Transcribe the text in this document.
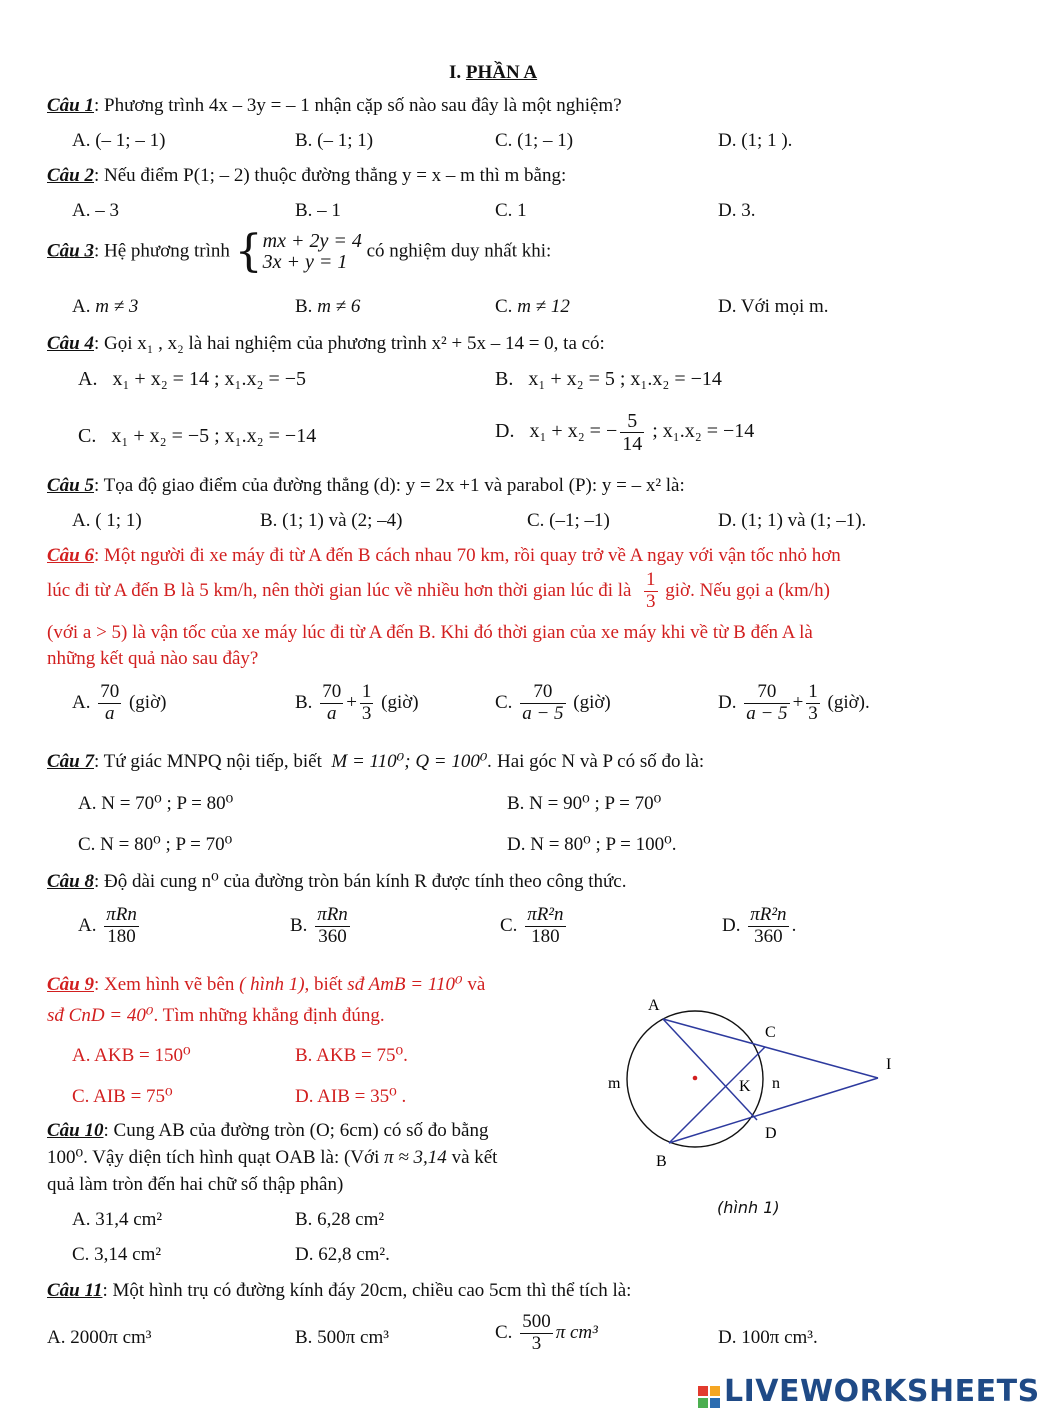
I. PHẦN A
Câu 1: Phương trình 4x – 3y = – 1 nhận cặp số nào sau đây là một nghiệm?
A. (– 1; – 1)	B. (– 1; 1)	C. (1; – 1)	D. (1; 1 ).
Câu 2: Nếu điểm P(1; – 2) thuộc đường thẳng y = x – m thì m bằng:
A. – 3	B. – 1	C. 1	D. 3.
Câu 3: Hệ phương trình {mx + 2y = 4
3x + y = 1 có nghiệm duy nhất khi:
A. m ≠ 3	B. m ≠ 6	C. m ≠ 12	D. Với mọi m.
Câu 4: Gọi x₁ , x₂ là hai nghiệm của phương trình x² + 5x – 14 = 0, ta có:
A. x₁ + x₂ = 14 ; x₁.x₂ = −5	B. x₁ + x₂ = 5 ; x₁.x₂ = −14
C. x₁ + x₂ = −5 ; x₁.x₂ = −14	D. x₁ + x₂ = − $\frac{5}{14}$ ; x₁.x₂ = −14
Câu 5: Tọa độ giao điểm của đường thẳng (d): y = 2x +1 và parabol (P): y = – x² là:
A. ( 1; 1)	B. (1; 1) và (2; –4)	C. (–1; –1)	D. (1; 1) và (1; –1).
Câu 6: Một người đi xe máy đi từ A đến B cách nhau 70 km, rồi quay trở về A ngay với vận tốc nhỏ hơn
lúc đi từ A đến B là 5 km/h, nên thời gian lúc về nhiều hơn thời gian lúc đi là $\frac{1}{3}$ giờ. Nếu gọi a (km/h)
(với a > 5) là vận tốc của xe máy lúc đi từ A đến B. Khi đó thời gian của xe máy khi về từ B đến A là
những kết quả nào sau đây?
A. $\frac{70}{a}$ (giờ)	B. $\frac{70}{a} + \frac{1}{3}$ (giờ)	C. $\frac{70}{a - 5}$ (giờ)	D. $\frac{70}{a - 5} + \frac{1}{3}$ (giờ).
Câu 7: Tứ giác MNPQ nội tiếp, biết M = 110⁰; Q = 100⁰. Hai góc N và P có số đo là:
A. N = 70⁰ ; P = 80⁰	B. N = 90⁰ ; P = 70⁰
C. N = 80⁰ ; P = 70⁰	D. N = 80⁰ ; P = 100⁰.
Câu 8: Độ dài cung n⁰ của đường tròn bán kính R được tính theo công thức.
A. $\frac{\text{πRn}}{180}$	B. $\frac{\text{πRn}}{360}$	C. $\frac{\text{πR²n}}{180}$	D. $\frac{\text{πR²n}}{360}$ .
Câu 9: Xem hình vẽ bên ( hình 1), biết sđ AmB = 110⁰ và
sđ CnD = 40⁰. Tìm những khẳng định đúng.
A. AKB = 150⁰	B. AKB = 75⁰.
C. AIB = 75⁰	D. AIB = 35⁰ .
Câu 10: Cung AB của đường tròn (O; 6cm) có số đo bằng
100⁰. Vậy diện tích hình quạt OAB là: (Với π ≈ 3,14 và kết
quả làm tròn đến hai chữ số thập phân)
A. 31,4 cm²	B. 6,28 cm²
C. 3,14 cm²	D. 62,8 cm².
A
B
C
D
I
K
m	n
(hình 1)
Câu 11: Một hình trụ có đường kính đáy 20cm, chiều cao 5cm thì thể tích là:
A. 2000π cm³	B. 500π cm³	C. $\frac{500}{3}$ π cm³	D. 100π cm³.
LIVEWORKSHEETS
